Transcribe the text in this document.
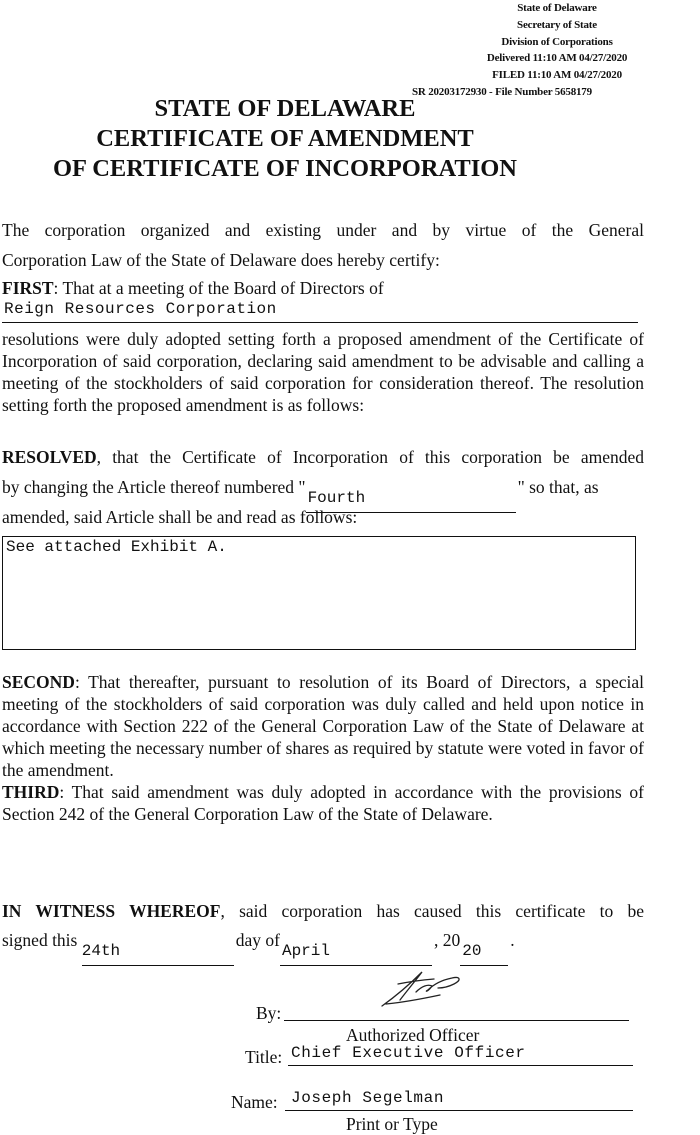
State of Delaware
Secretary of State
Division of Corporations
Delivered 11:10 AM 04/27/2020
FILED 11:10 AM 04/27/2020
SR 20203172930 - File Number 5658179
STATE OF DELAWARE
CERTIFICATE OF AMENDMENT
OF CERTIFICATE OF INCORPORATION
The corporation organized and existing under and by virtue of the General
Corporation Law of the State of Delaware does hereby certify:
FIRST: That at a meeting of the Board of Directors of
Reign Resources Corporation
resolutions were duly adopted setting forth a proposed amendment of the Certificate of Incorporation of said corporation, declaring said amendment to be advisable and calling a meeting of the stockholders of said corporation for consideration thereof. The resolution setting forth the proposed amendment is as follows:
RESOLVED, that the Certificate of Incorporation of this corporation be amended
by changing the Article thereof numbered "
Fourth
" so that, as
amended, said Article shall be and read as follows:
See attached Exhibit A.
SECOND: That thereafter, pursuant to resolution of its Board of Directors, a special meeting of the stockholders of said corporation was duly called and held upon notice in accordance with Section 222 of the General Corporation Law of the State of Delaware at which meeting the necessary number of shares as required by statute were voted in favor of the amendment.
THIRD: That said amendment was duly adopted in accordance with the provisions of Section 242 of the General Corporation Law of the State of Delaware.
IN WITNESS WHEREOF, said corporation has caused this certificate to be
signed this
24th
day of
April
, 20
20
.
By:
Authorized Officer
Title: Chief Executive Officer
Name: Joseph Segelman
Print or Type
